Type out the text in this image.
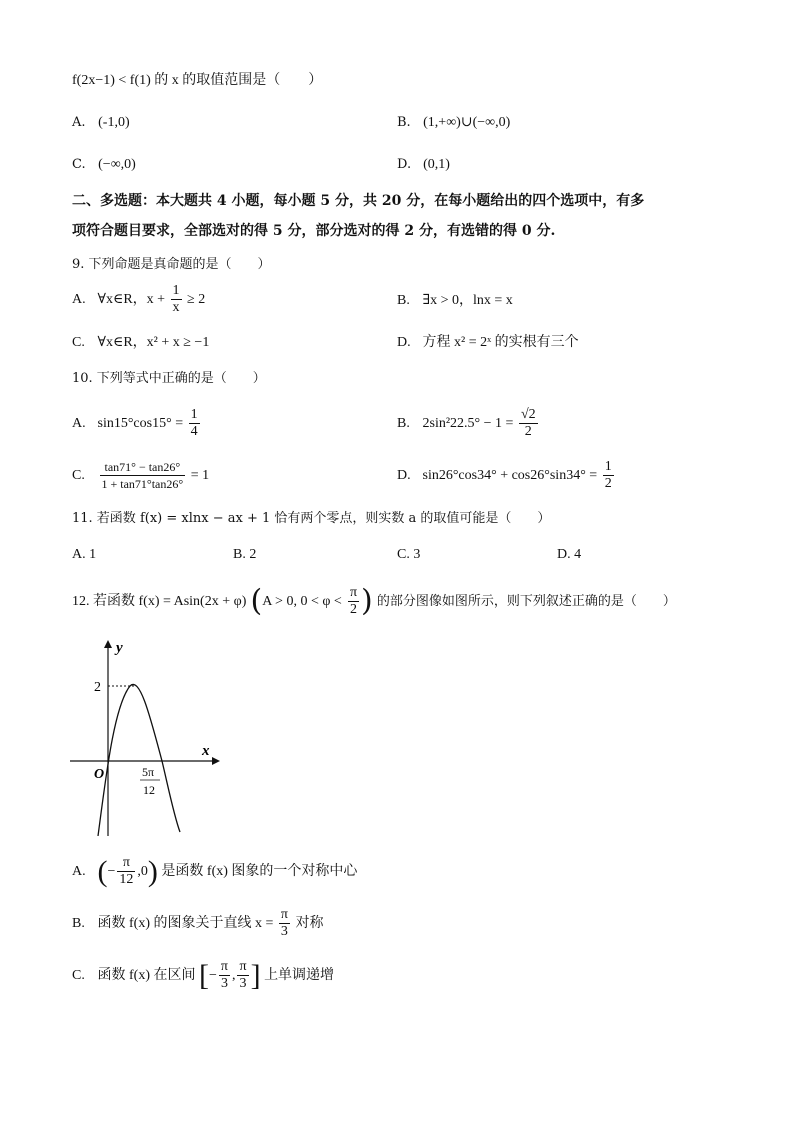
f(2x−1) < f(1) 的 x 的取值范围是（　　）
A. (-1,0)	B. (1,+∞)∪(−∞,0)
C. (−∞,0)	D. (0,1)
二、多选题：本大题共 4 小题，每小题 5 分，共 20 分，在每小题给出的四个选项中，有多
项符合题目要求，全部选对的得 5 分，部分选对的得 2 分，有选错的得 0 分.
9. 下列命题是真命题的是（　　）
A. ∀x∈R，$x + \frac{1}{x} \ge 2$	B. ∃x > 0，lnx = x
C. ∀x∈R，x² + x ≥ −1	D. 方程 x² = 2ˣ 的实根有三个
10. 下列等式中正确的是（　　）
A. $\sin 15^\circ\cos 15^\circ = \frac{1}{4}$	B. $2\sin^222.5^\circ - 1 = \frac{√2}{2}$
C. $\frac{\tan 71^\circ - \tan 26^\circ}{1 + \tan 71^\circ\tan 26^\circ} = 1$	D. $\sin 26^\circ\cos 34^\circ + \cos 26^\circ\sin 34^\circ = \frac{1}{2}$
11. 若函数 f(x) = xlnx − ax + 1 恰有两个零点，则实数 a 的取值可能是（　　）
A. 1	B. 2	C. 3	D. 4
12. 若函数 f(x) = Asin(2x + φ) (A > 0, $0 < \varphi < \frac{\pi}{2}$ ) 的部分图像如图所示，则下列叙述正确的是（　　）
y
x
O
2
5π
12
A. (− $\frac{\pi}{12} ,0$) 是函数 f(x) 图象的一个对称中心
B. 函数 f(x) 的图象关于直线 $x = \frac{\pi}{3}$ 对称
C. 函数 f(x) 在区间 [− $\frac{\pi}{3}$ , $\frac{\pi}{3}$ ] 上单调递增
